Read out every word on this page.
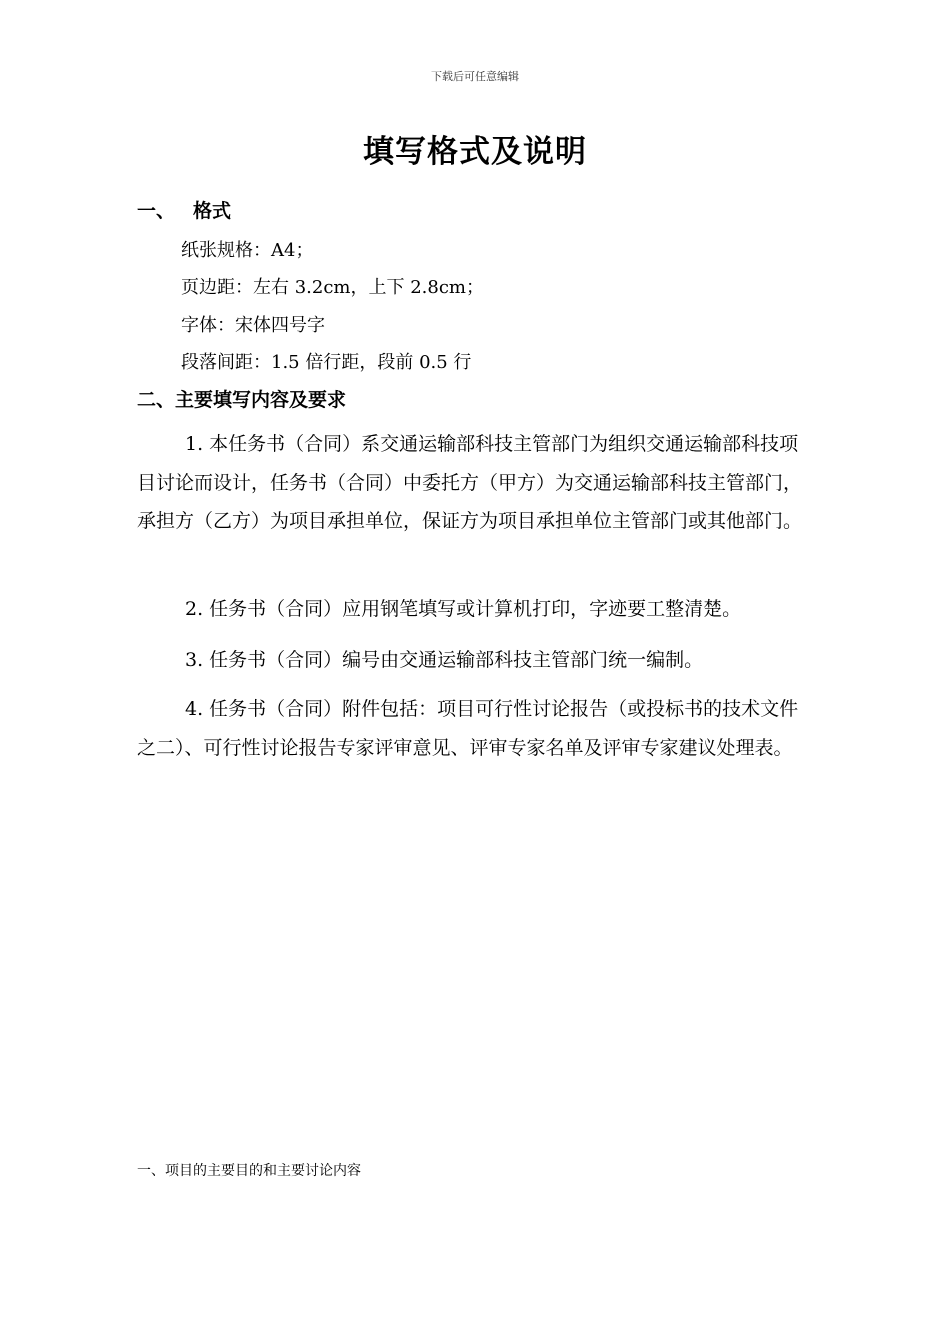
下载后可任意编辑
填写格式及说明
一、 格式
纸张规格：A4；
页边距：左右 3.2cm，上下 2.8cm；
字体：宋体四号字
段落间距：1.5 倍行距，段前 0.5 行
二、主要填写内容及要求
1. 本任务书（合同）系交通运输部科技主管部门为组织交通运输部科技项目讨论而设计，任务书（合同）中委托方（甲方）为交通运输部科技主管部门，承担方（乙方）为项目承担单位，保证方为项目承担单位主管部门或其他部门。
2. 任务书（合同）应用钢笔填写或计算机打印，字迹要工整清楚。
3. 任务书（合同）编号由交通运输部科技主管部门统一编制。
4. 任务书（合同）附件包括：项目可行性讨论报告（或投标书的技术文件之二）、可行性讨论报告专家评审意见、评审专家名单及评审专家建议处理表。
一、项目的主要目的和主要讨论内容
